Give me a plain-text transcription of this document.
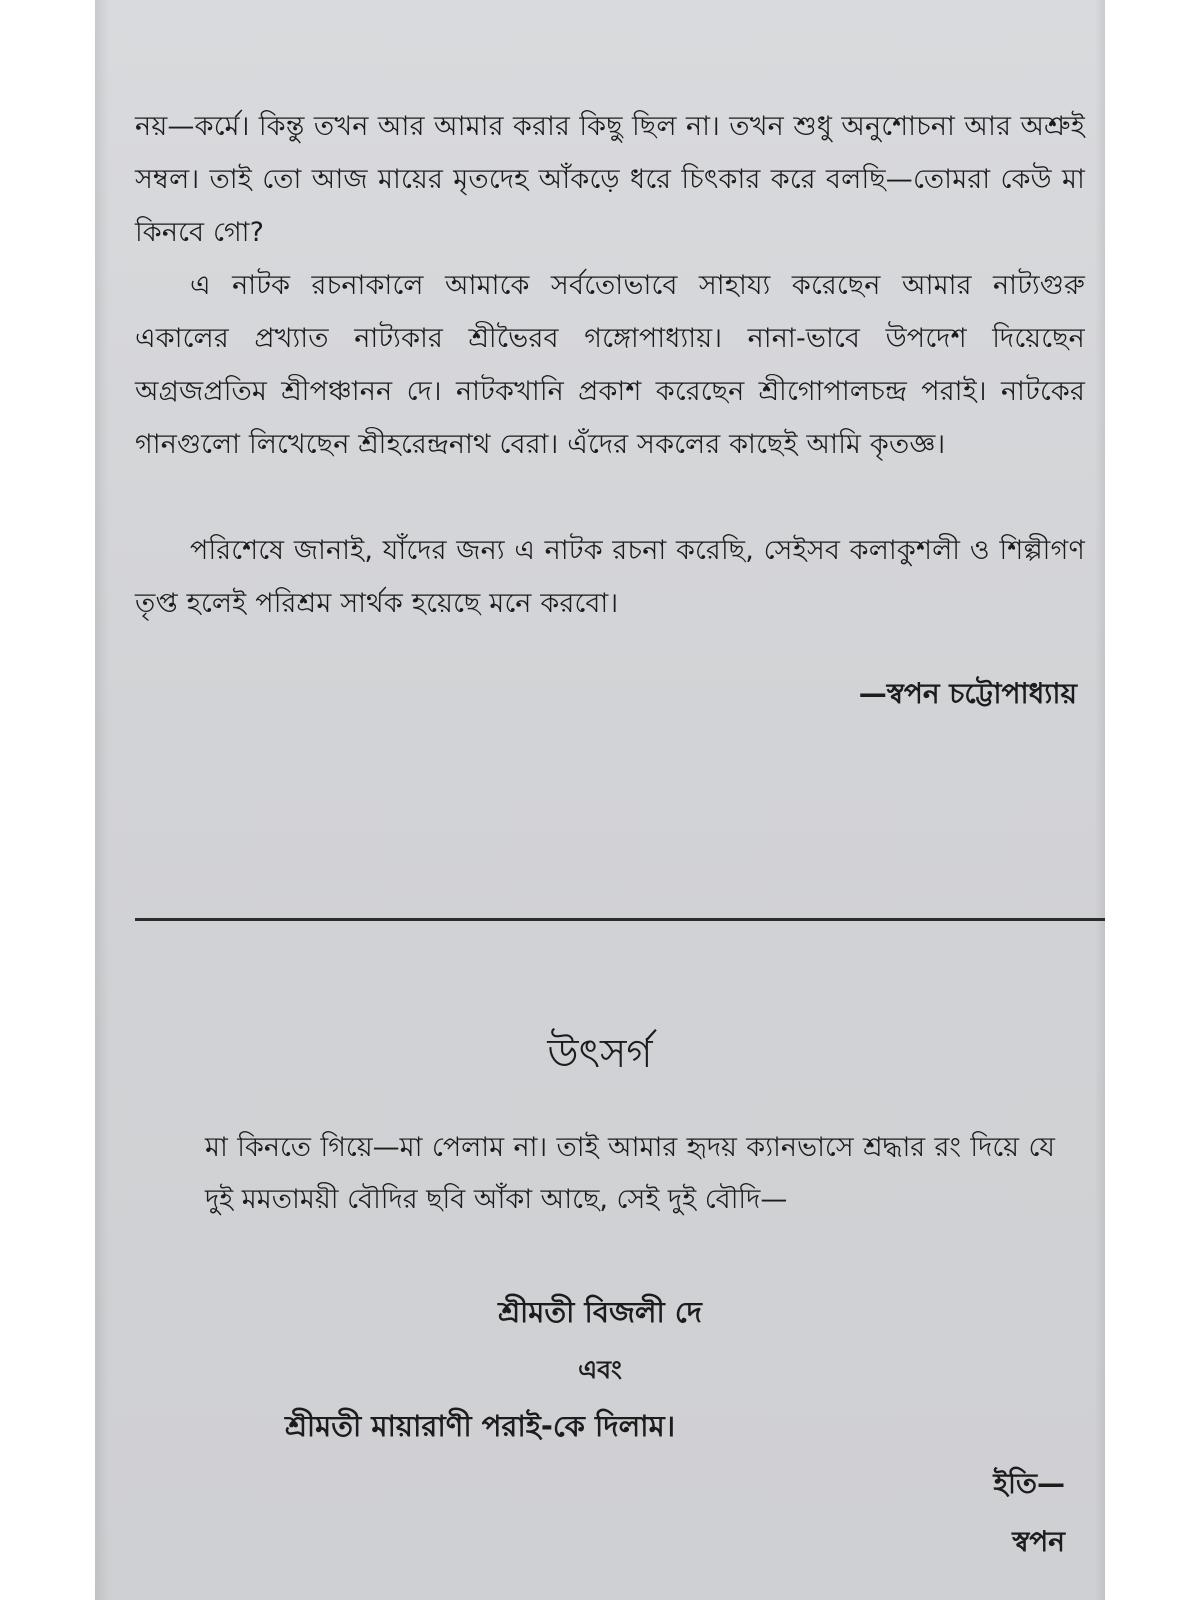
নয়—কর্মে। কিন্তু তখন আর আমার করার কিছু ছিল না। তখন শুধু অনুশোচনা আর অশ্রুই সম্বল। তাই তো আজ মায়ের মৃতদেহ আঁকড়ে ধরে চিৎকার করে বলছি—তোমরা কেউ মা কিনবে গো?

এ নাটক রচনাকালে আমাকে সর্বতোভাবে সাহায্য করেছেন আমার নাট্যগুরু একালের প্রখ্যাত নাট্যকার শ্রীভৈরব গঙ্গোপাধ্যায়। নানা-ভাবে উপদেশ দিয়েছেন অগ্রজপ্রতিম শ্রীপঞ্চানন দে। নাটকখানি প্রকাশ করেছেন শ্রীগোপালচন্দ্র পরাই। নাটকের গানগুলো লিখেছেন শ্রীহরেন্দ্রনাথ বেরা। এঁদের সকলের কাছেই আমি কৃতজ্ঞ।

পরিশেষে জানাই, যাঁদের জন্য এ নাটক রচনা করেছি, সেইসব কলাকুশলী ও শিল্পীগণ তৃপ্ত হলেই পরিশ্রম সার্থক হয়েছে মনে করবো।

—স্বপন চট্টোপাধ্যায়

উৎসর্গ

মা কিনতে গিয়ে—মা পেলাম না। তাই আমার হৃদয় ক্যানভাসে শ্রদ্ধার রং দিয়ে যে দুই মমতাময়ী বৌদির ছবি আঁকা আছে, সেই দুই বৌদি—

শ্রীমতী বিজলী দে

এবং

শ্রীমতী মায়ারাণী পরাই-কে দিলাম।

ইতি—

স্বপন
